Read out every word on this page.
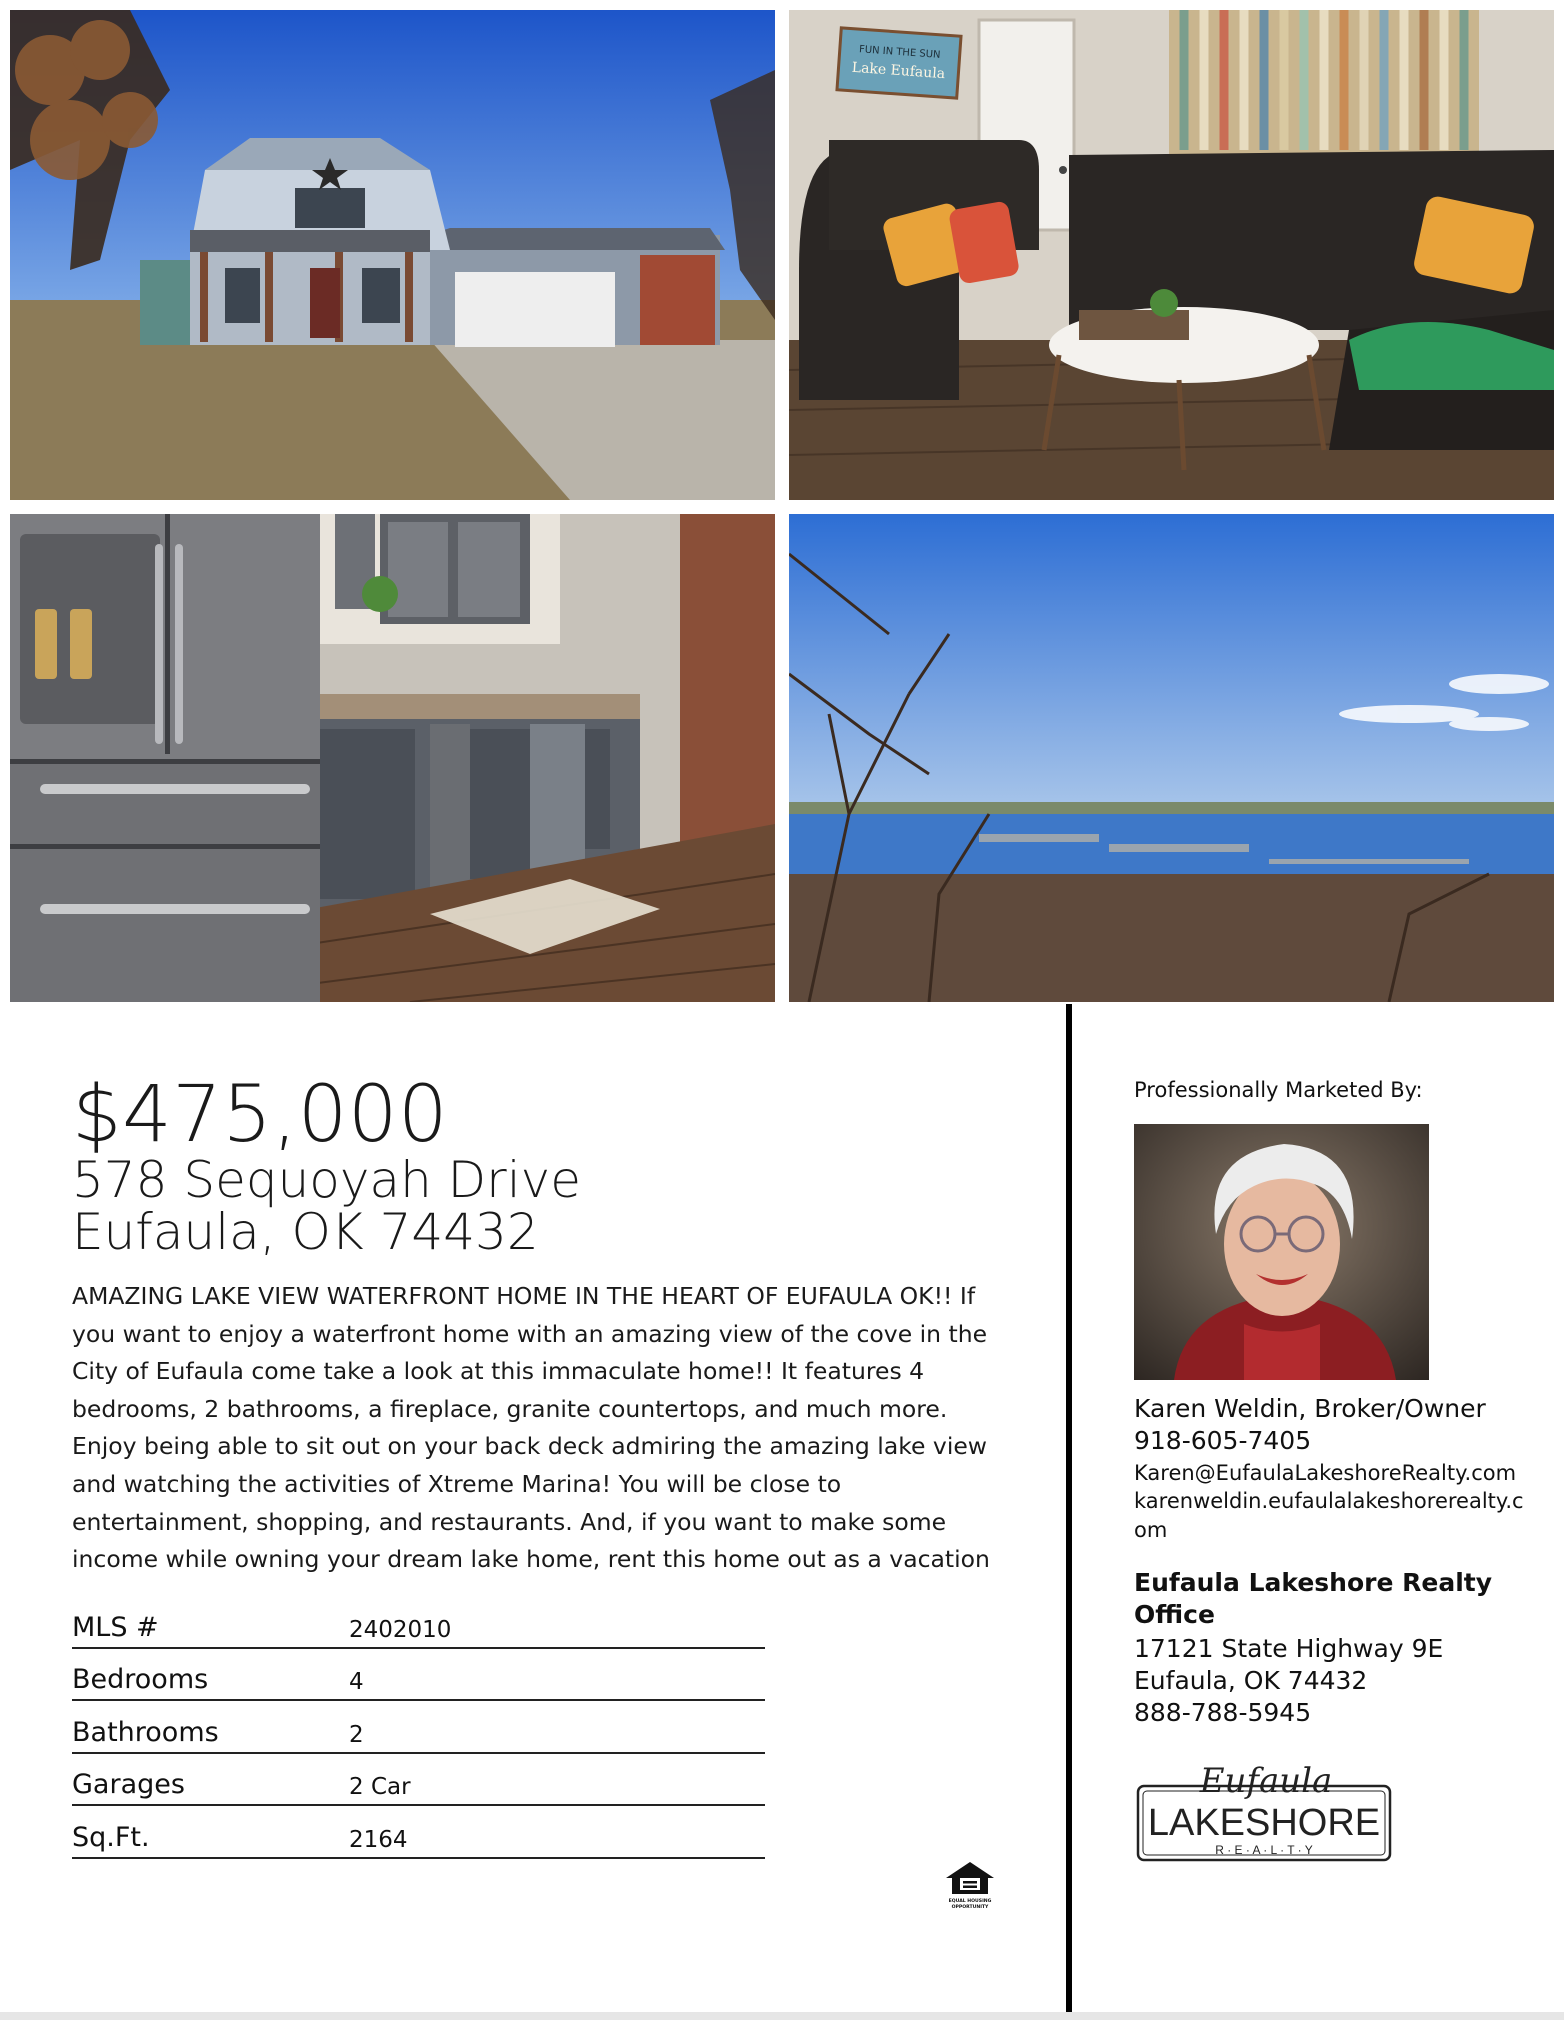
FUN IN THE SUN
Lake Eufaula
$475,000
578 Sequoyah Drive
Eufaula, OK 74432
AMAZING LAKE VIEW WATERFRONT HOME IN THE HEART OF EUFAULA OK!! If you want to enjoy a waterfront home with an amazing view of the cove in the City of Eufaula come take a look at this immaculate home!! It features 4 bedrooms, 2 bathrooms, a fireplace, granite countertops, and much more. Enjoy being able to sit out on your back deck admiring the amazing lake view and watching the activities of Xtreme Marina! You will be close to entertainment, shopping, and restaurants. And, if you want to make some income while owning your dream lake home, rent this home out as a vacation
MLS #	2402010
Bedrooms	4
Bathrooms	2
Garages	2 Car
Sq.Ft.	2164
EQUAL HOUSING
OPPORTUNITY
Professionally Marketed By:
Karen Weldin, Broker/Owner
918-605-7405
Karen@EufaulaLakeshoreRealty.com
karenweldin.eufaulalakeshorerealty.com
Eufaula Lakeshore Realty Office
17121 State Highway 9E
Eufaula, OK 74432
888-788-5945
Eufaula
LAKESHORE
R · E · A · L · T · Y
